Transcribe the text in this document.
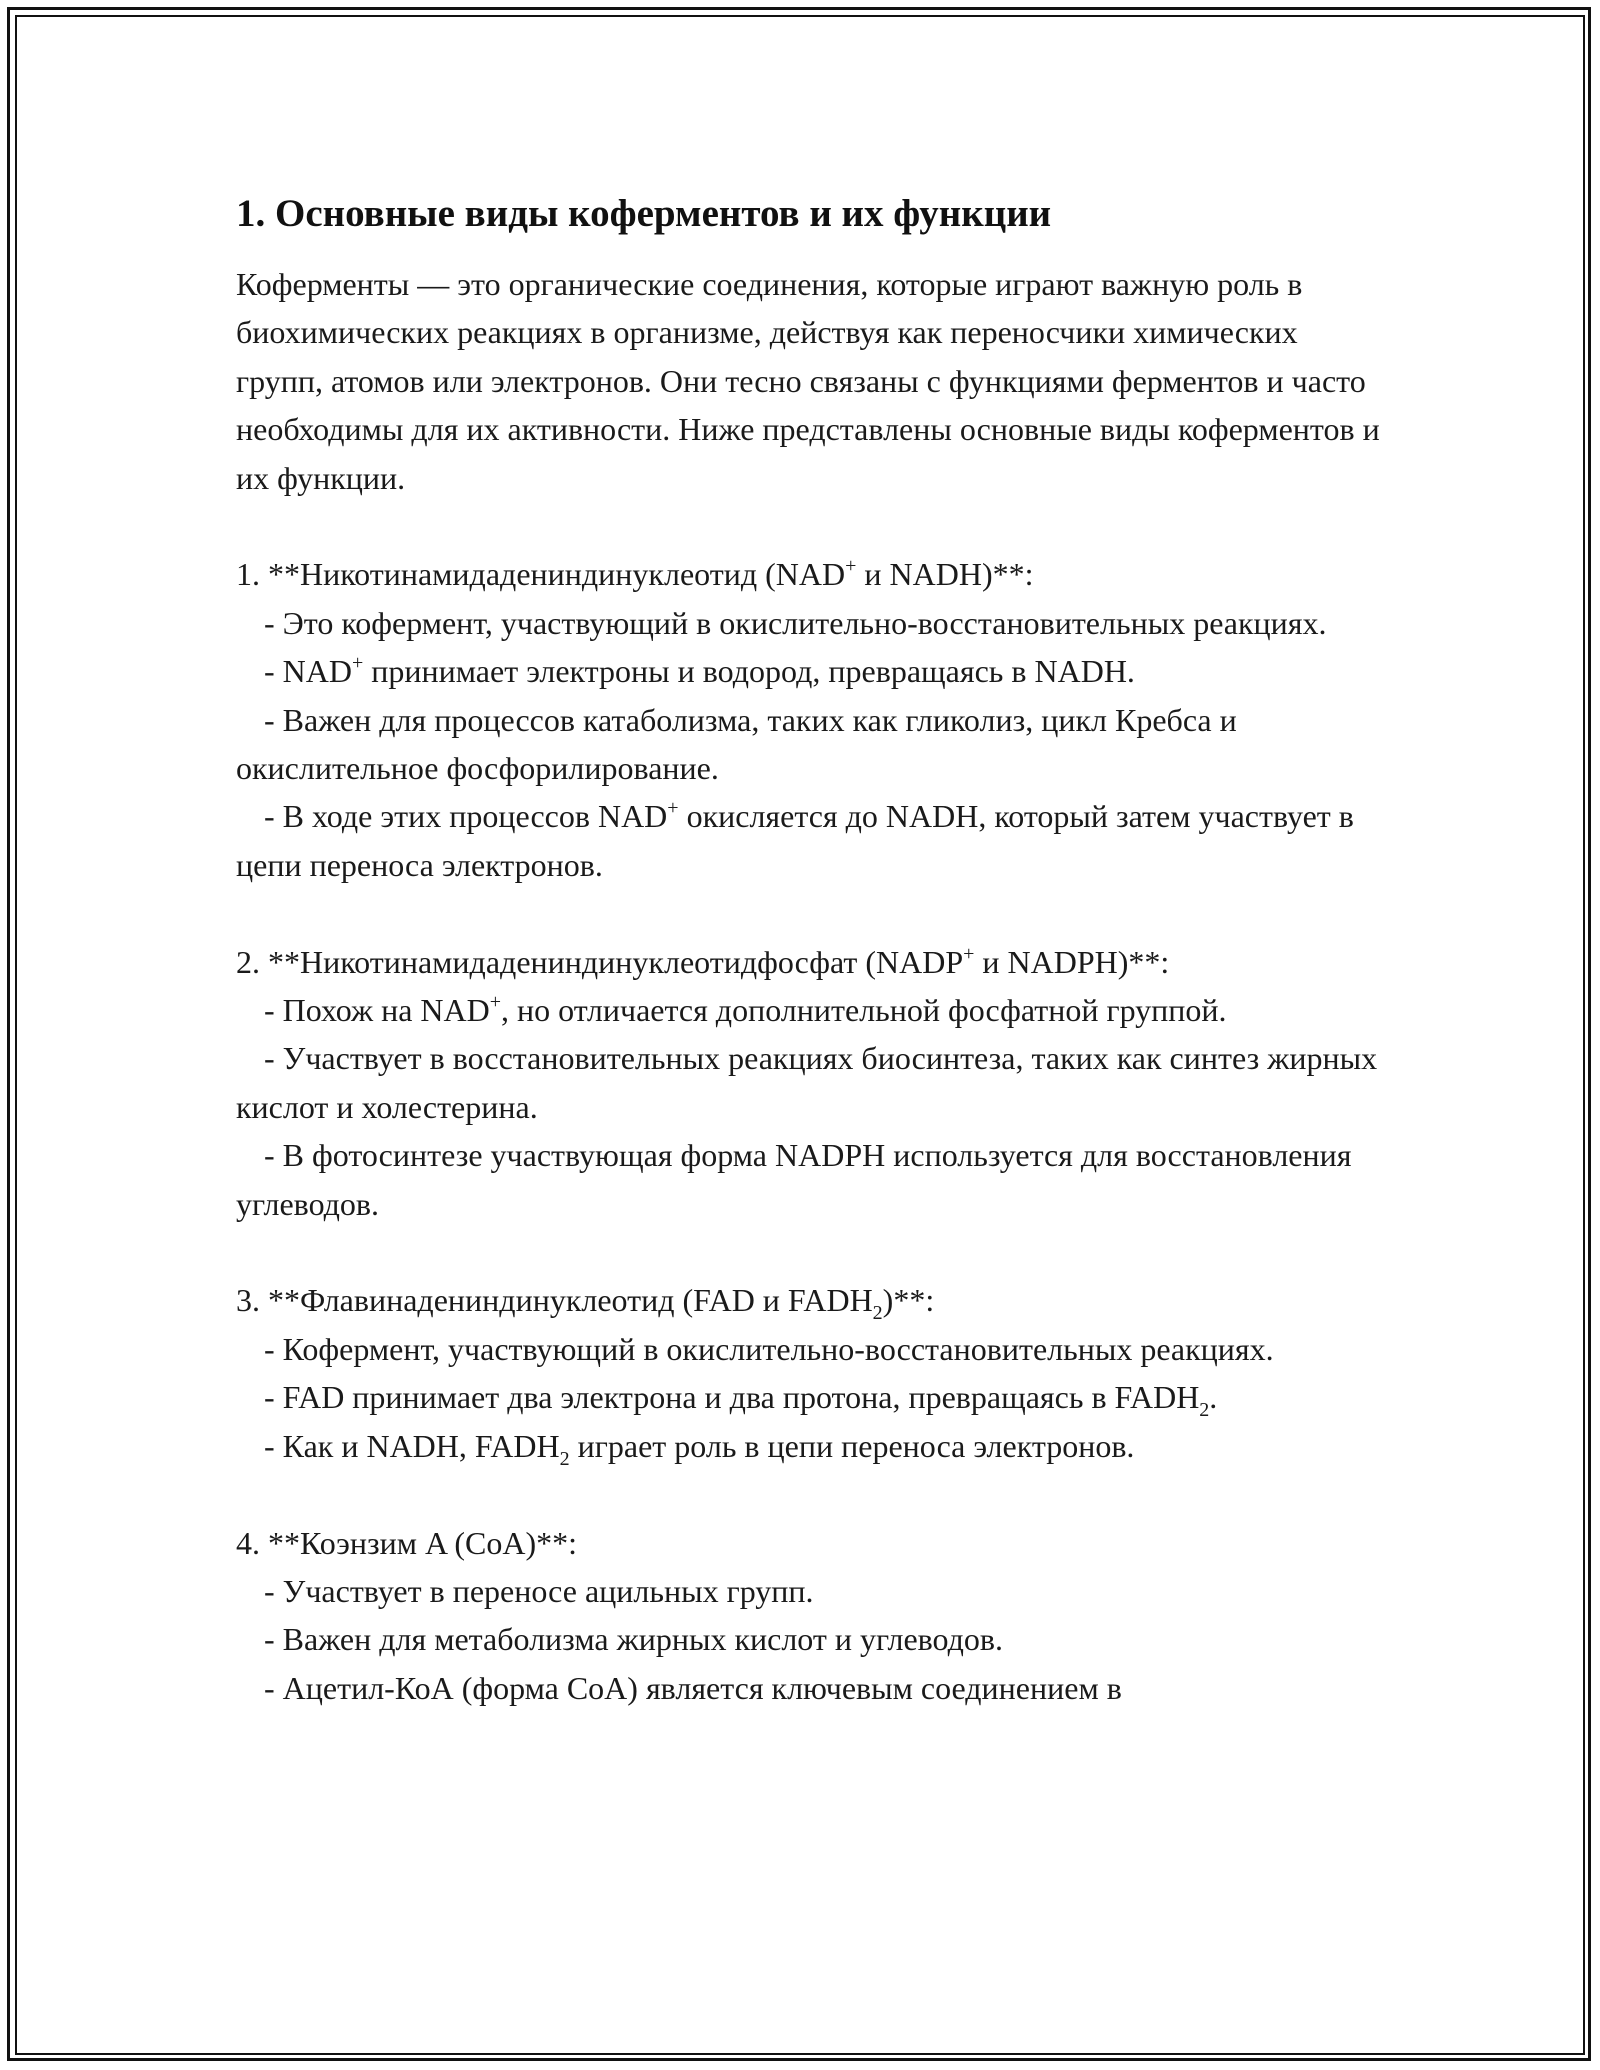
1. Основные виды коферментов и их функции

Коферменты — это органические соединения, которые играют важную роль в биохимических реакциях в организме, действуя как переносчики химических групп, атомов или электронов. Они тесно связаны с функциями ферментов и часто необходимы для их активности. Ниже представлены основные виды коферментов и их функции.

1. **Никотинамидадениндинуклеотид (NAD+ и NADH)**:
- Это кофермент, участвующий в окислительно-восстановительных реакциях.
- NAD+ принимает электроны и водород, превращаясь в NADH.
- Важен для процессов катаболизма, таких как гликолиз, цикл Кребса и окислительное фосфорилирование.
- В ходе этих процессов NAD+ окисляется до NADH, который затем участвует в цепи переноса электронов.
2. **Никотинамидадениндинуклеотидфосфат (NADP+ и NADPH)**:
- Похож на NAD+, но отличается дополнительной фосфатной группой.
- Участвует в восстановительных реакциях биосинтеза, таких как синтез жирных кислот и холестерина.
- В фотосинтезе участвующая форма NADPH используется для восстановления углеводов.
3. **Флавинадениндинуклеотид (FAD и $FADH_2)**$:
- Кофермент, участвующий в окислительно-восстановительных реакциях.
- FAD принимает два электрона и два протона, превращаясь в $FADH_2$.
- Как и NADH, $FADH_2$ играет роль в цепи переноса электронов.
4. **Коэнзим A (CoA)**:
- Участвует в переносе ацильных групп.
- Важен для метаболизма жирных кислот и углеводов.
- Ацетил-КоА (форма CoA) является ключевым соединением в
